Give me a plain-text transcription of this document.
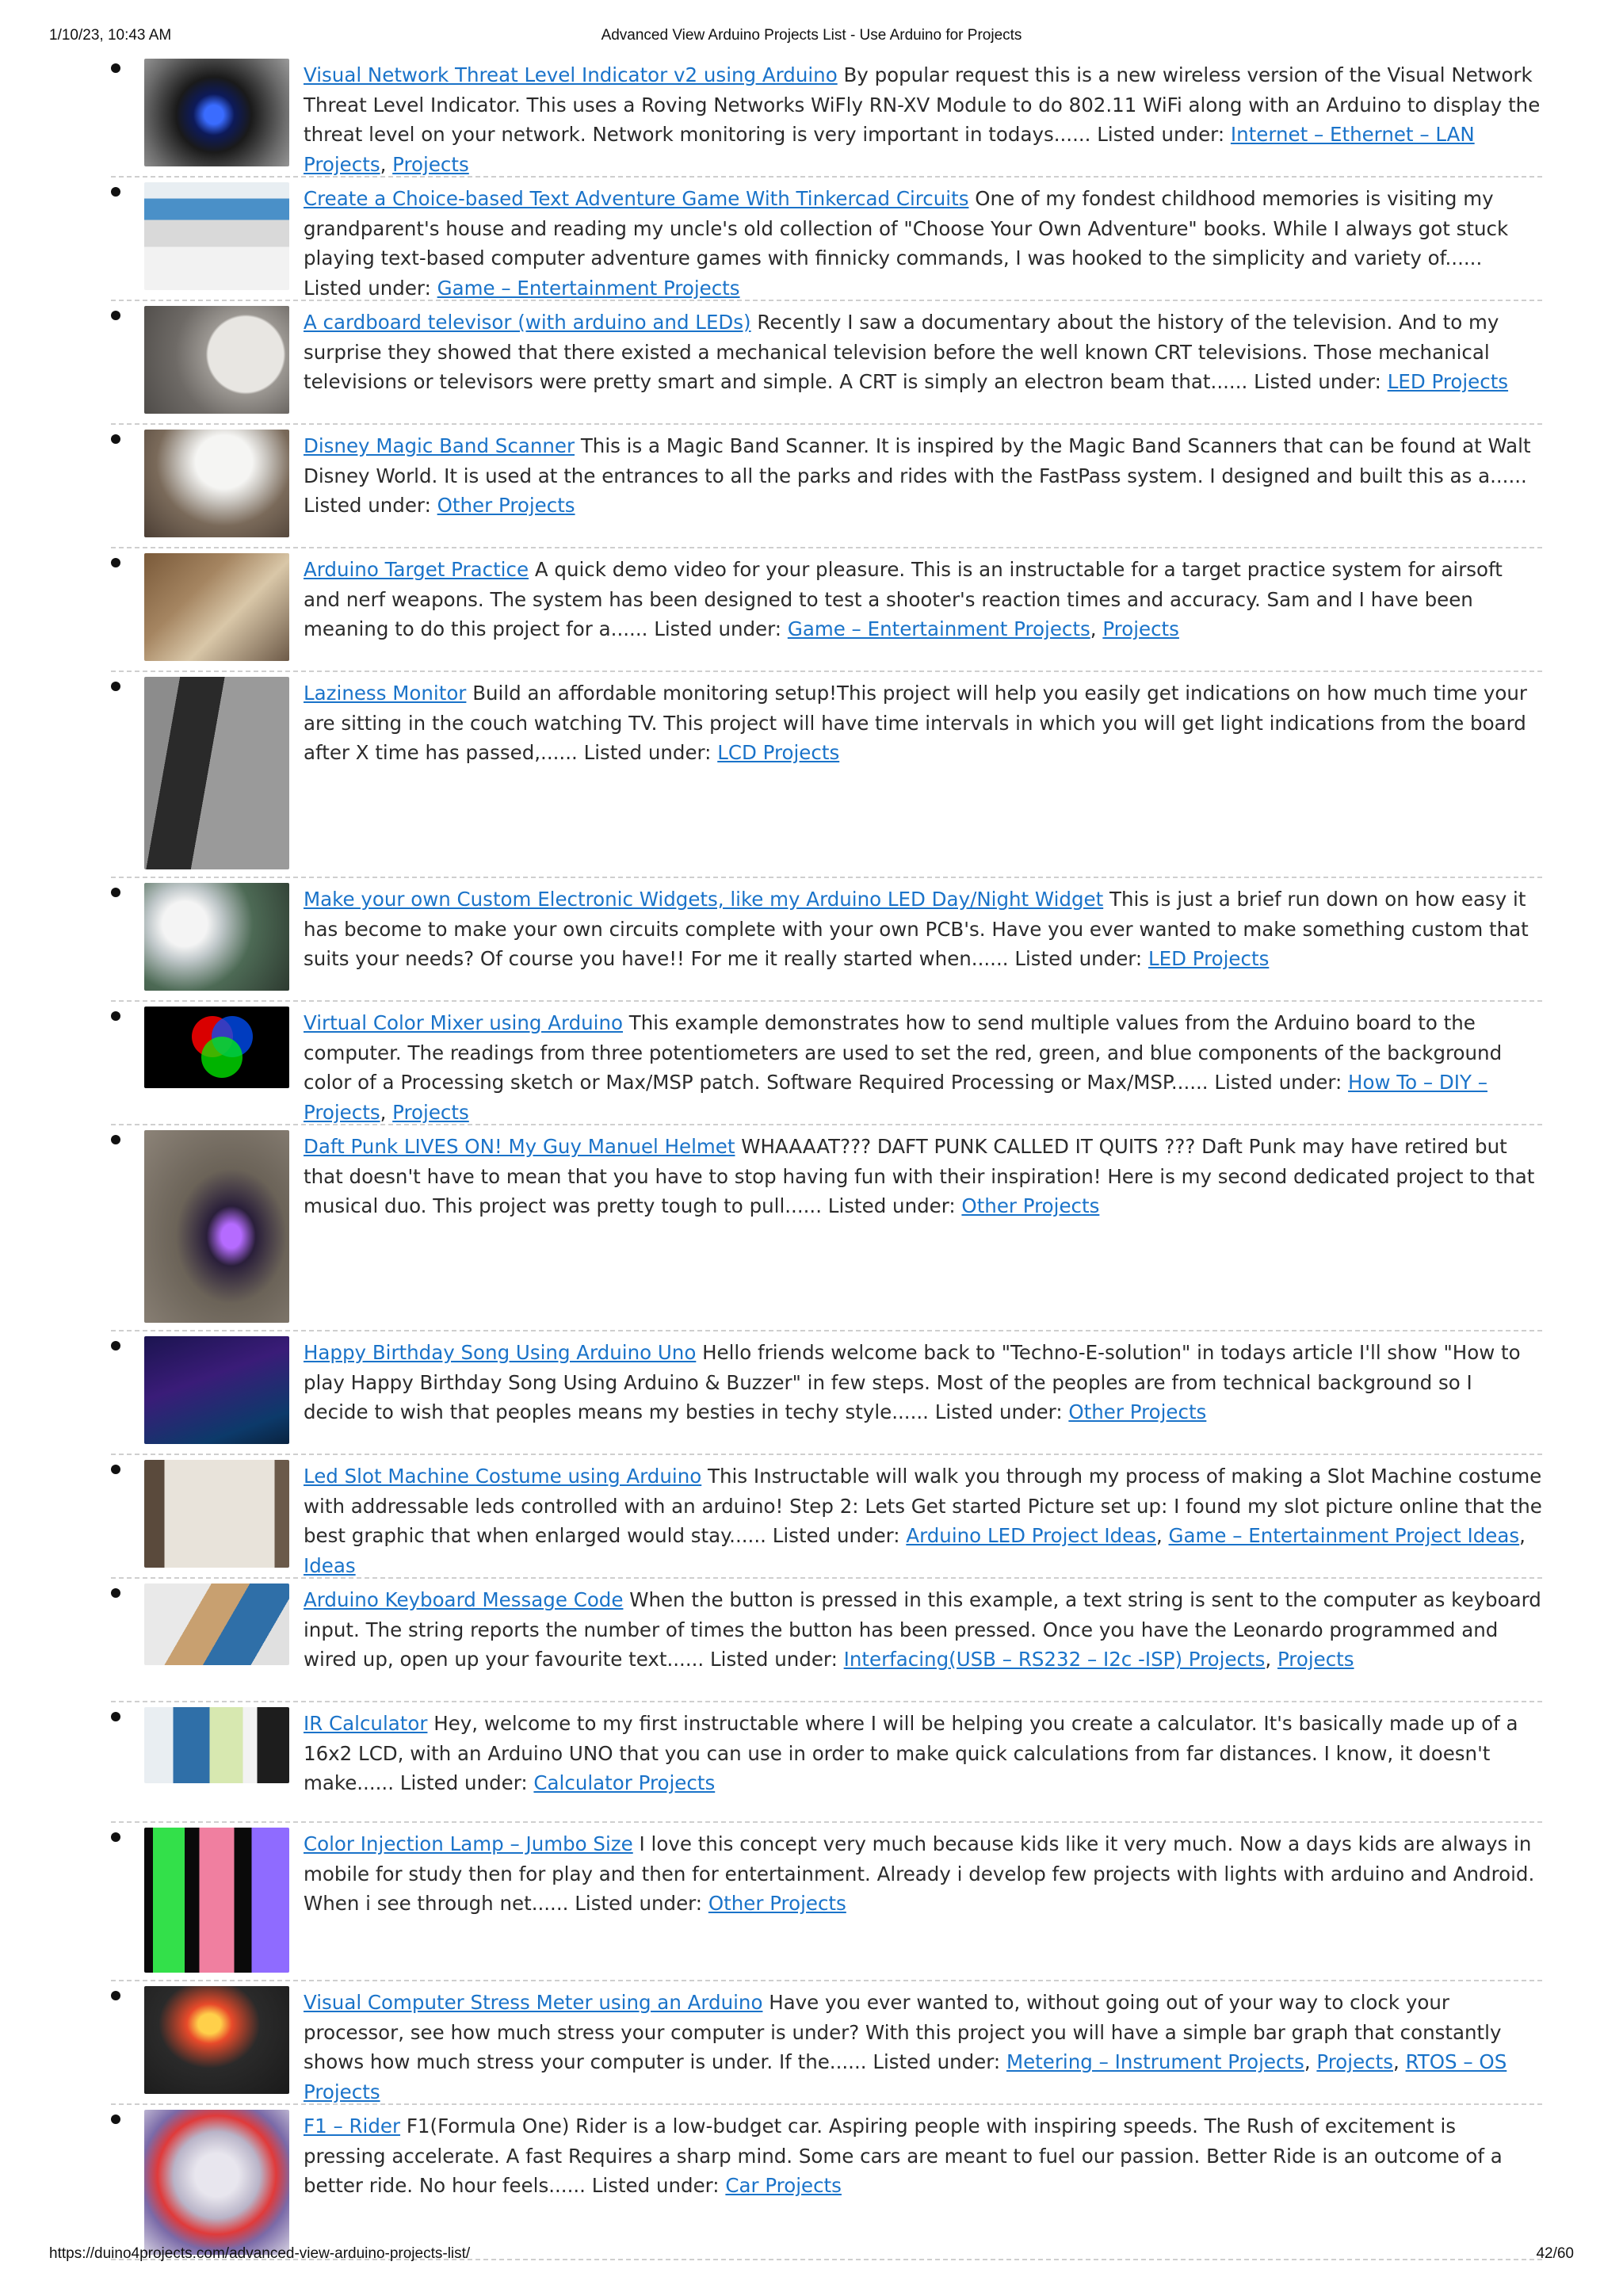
1/10/23, 10:43 AM	Advanced View Arduino Projects List - Use Arduino for Projects
Visual Network Threat Level Indicator v2 using Arduino By popular request this is a new wireless version of the Visual Network Threat Level Indicator. This uses a Roving Networks WiFly RN-XV Module to do 802.11 WiFi along with an Arduino to display the threat level on your network. Network monitoring is very important in todays...... Listed under: Internet – Ethernet – LAN Projects, Projects
Create a Choice-based Text Adventure Game With Tinkercad Circuits One of my fondest childhood memories is visiting my grandparent's house and reading my uncle's old collection of "Choose Your Own Adventure" books. While I always got stuck playing text-based computer adventure games with finnicky commands, I was hooked to the simplicity and variety of...... Listed under: Game – Entertainment Projects
A cardboard televisor (with arduino and LEDs) Recently I saw a documentary about the history of the television. And to my surprise they showed that there existed a mechanical television before the well known CRT televisions. Those mechanical televisions or televisors were pretty smart and simple. A CRT is simply an electron beam that...... Listed under: LED Projects
Disney Magic Band Scanner This is a Magic Band Scanner. It is inspired by the Magic Band Scanners that can be found at Walt Disney World. It is used at the entrances to all the parks and rides with the FastPass system. I designed and built this as a...... Listed under: Other Projects
Arduino Target Practice A quick demo video for your pleasure. This is an instructable for a target practice system for airsoft and nerf weapons. The system has been designed to test a shooter's reaction times and accuracy. Sam and I have been meaning to do this project for a...... Listed under: Game – Entertainment Projects, Projects
Laziness Monitor Build an affordable monitoring setup!This project will help you easily get indications on how much time your are sitting in the couch watching TV. This project will have time intervals in which you will get light indications from the board after X time has passed,...... Listed under: LCD Projects
Make your own Custom Electronic Widgets, like my Arduino LED Day/Night Widget This is just a brief run down on how easy it has become to make your own circuits complete with your own PCB's. Have you ever wanted to make something custom that suits your needs? Of course you have!! For me it really started when...... Listed under: LED Projects
Virtual Color Mixer using Arduino This example demonstrates how to send multiple values from the Arduino board to the computer. The readings from three potentiometers are used to set the red, green, and blue components of the background color of a Processing sketch or Max/MSP patch. Software Required Processing or Max/MSP...... Listed under: How To – DIY – Projects, Projects
Daft Punk LIVES ON! My Guy Manuel Helmet WHAAAAT??? DAFT PUNK CALLED IT QUITS ??? Daft Punk may have retired but that doesn't have to mean that you have to stop having fun with their inspiration! Here is my second dedicated project to that musical duo. This project was pretty tough to pull...... Listed under: Other Projects
Happy Birthday Song Using Arduino Uno Hello friends welcome back to "Techno-E-solution" in todays article I'll show "How to play Happy Birthday Song Using Arduino & Buzzer" in few steps. Most of the peoples are from technical background so I decide to wish that peoples means my besties in techy style...... Listed under: Other Projects
Led Slot Machine Costume using Arduino This Instructable will walk you through my process of making a Slot Machine costume with addressable leds controlled with an arduino! Step 2: Lets Get started Picture set up: I found my slot picture online that the best graphic that when enlarged would stay...... Listed under: Arduino LED Project Ideas, Game – Entertainment Project Ideas, Ideas
Arduino Keyboard Message Code When the button is pressed in this example, a text string is sent to the computer as keyboard input. The string reports the number of times the button has been pressed. Once you have the Leonardo programmed and wired up, open up your favourite text...... Listed under: Interfacing(USB – RS232 – I2c -ISP) Projects, Projects
IR Calculator Hey, welcome to my first instructable where I will be helping you create a calculator. It's basically made up of a 16x2 LCD, with an Arduino UNO that you can use in order to make quick calculations from far distances. I know, it doesn't make...... Listed under: Calculator Projects
Color Injection Lamp – Jumbo Size I love this concept very much because kids like it very much. Now a days kids are always in mobile for study then for play and then for entertainment. Already i develop few projects with lights with arduino and Android. When i see through net...... Listed under: Other Projects
Visual Computer Stress Meter using an Arduino Have you ever wanted to, without going out of your way to clock your processor, see how much stress your computer is under? With this project you will have a simple bar graph that constantly shows how much stress your computer is under. If the...... Listed under: Metering – Instrument Projects, Projects, RTOS – OS Projects
F1 – Rider F1(Formula One) Rider is a low-budget car. Aspiring people with inspiring speeds. The Rush of excitement is pressing accelerate. A fast Requires a sharp mind. Some cars are meant to fuel our passion. Better Ride is an outcome of a better ride. No hour feels...... Listed under: Car Projects
https://duino4projects.com/advanced-view-arduino-projects-list/	42/60
